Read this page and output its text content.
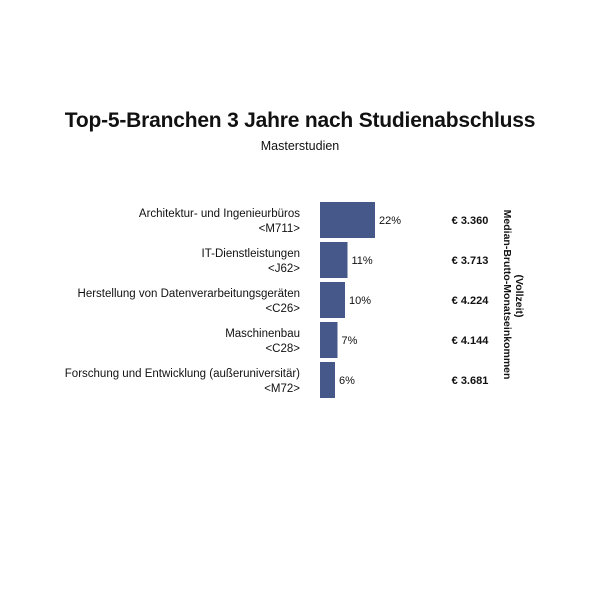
Top-5-Branchen 3 Jahre nach Studienabschluss
Masterstudien
Architektur- und Ingenieurbüros
<M711>
IT-Dienstleistungen
<J62>
Herstellung von Datenverarbeitungsgeräten
<C26>
Maschinenbau
<C28>
Forschung und Entwicklung (außeruniversitär)
<M72>
22%
11%
10%
7%
6%
€ 3.360
€ 3.713
€ 4.224
€ 4.144
€ 3.681
Median-Brutto-Monatseinkommen (Vollzeit)
